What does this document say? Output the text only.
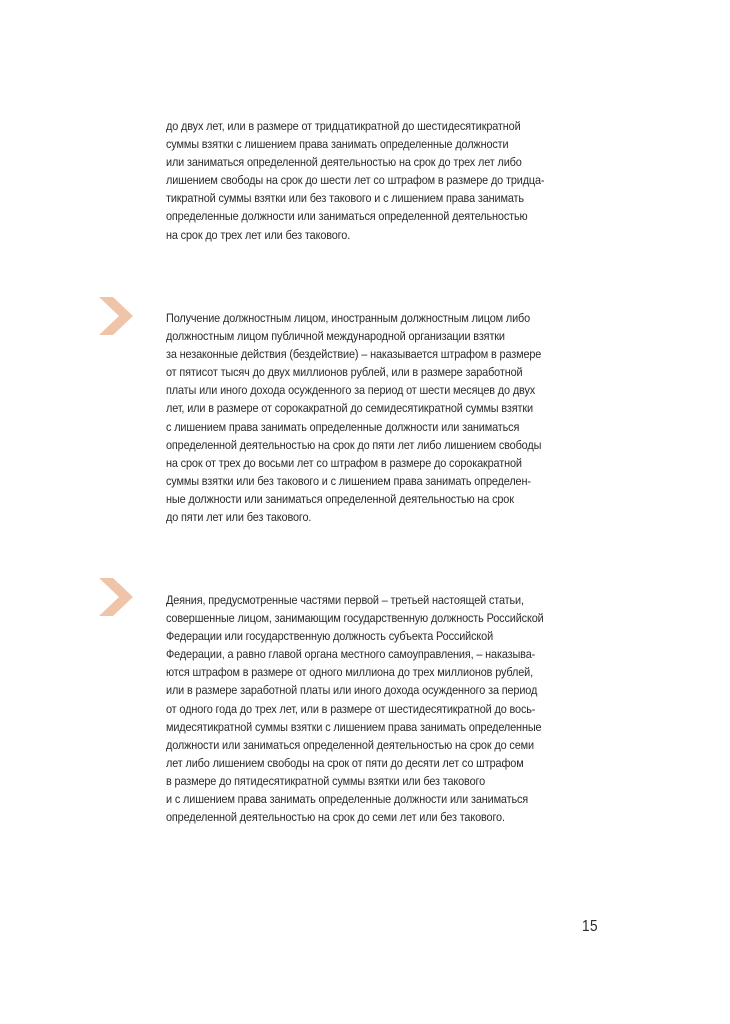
до двух лет, или в размере от тридцатикратной до шестидесятикратной
суммы взятки с лишением права занимать определенные должности
или заниматься определенной деятельностью на срок до трех лет либо
лишением свободы на срок до шести лет со штрафом в размере до тридца-
тикратной суммы взятки или без такового и с лишением права занимать
определенные должности или заниматься определенной деятельностью
на срок до трех лет или без такового.
Получение должностным лицом, иностранным должностным лицом либо
должностным лицом публичной международной организации взятки
за незаконные действия (бездействие) – наказывается штрафом в размере
от пятисот тысяч до двух миллионов рублей, или в размере заработной
платы или иного дохода осужденного за период от шести месяцев до двух
лет, или в размере от сорокакратной до семидесятикратной суммы взятки
с лишением права занимать определенные должности или заниматься
определенной деятельностью на срок до пяти лет либо лишением свободы
на срок от трех до восьми лет со штрафом в размере до сорокакратной
суммы взятки или без такового и с лишением права занимать определен-
ные должности или заниматься определенной деятельностью на срок
до пяти лет или без такового.
Деяния, предусмотренные частями первой – третьей настоящей статьи,
совершенные лицом, занимающим государственную должность Российской
Федерации или государственную должность субъекта Российской
Федерации, а равно главой органа местного самоуправления, – наказыва-
ются штрафом в размере от одного миллиона до трех миллионов рублей,
или в размере заработной платы или иного дохода осужденного за период
от одного года до трех лет, или в размере от шестидесятикратной до вось-
мидесятикратной суммы взятки с лишением права занимать определенные
должности или заниматься определенной деятельностью на срок до семи
лет либо лишением свободы на срок от пяти до десяти лет со штрафом
в размере до пятидесятикратной суммы взятки или без такового
и с лишением права занимать определенные должности или заниматься
определенной деятельностью на срок до семи лет или без такового.
15
